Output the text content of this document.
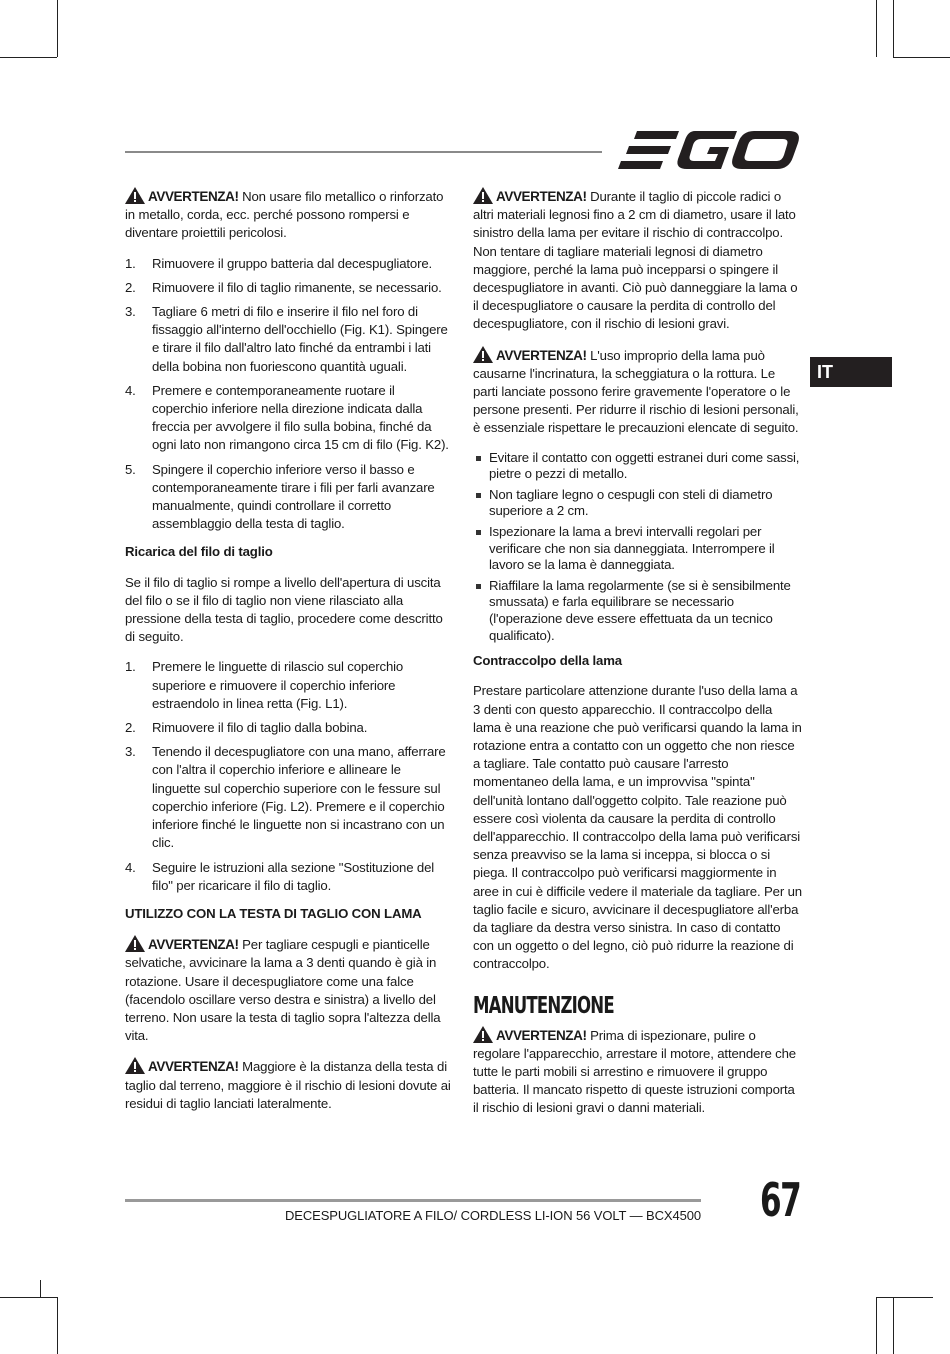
IT

AVVERTENZA! Non usare filo metallico o rinforzato in metallo, corda, ecc. perché possono rompersi e diventare proiettili pericolosi.

1. Rimuovere il gruppo batteria dal decespugliatore.
2. Rimuovere il filo di taglio rimanente, se necessario.
3. Tagliare 6 metri di filo e inserire il filo nel foro di fissaggio all'interno dell'occhiello (Fig. K1). Spingere e tirare il filo dall'altro lato finché da entrambi i lati della bobina non fuoriescono quantità uguali.
4. Premere e contemporaneamente ruotare il coperchio inferiore nella direzione indicata dalla freccia per avvolgere il filo sulla bobina, finché da ogni lato non rimangono circa 15 cm di filo (Fig. K2).
5. Spingere il coperchio inferiore verso il basso e contemporaneamente tirare i fili per farli avanzare manualmente, quindi controllare il corretto assemblaggio della testa di taglio.
Ricarica del filo di taglio

Se il filo di taglio si rompe a livello dell'apertura di uscita del filo o se il filo di taglio non viene rilasciato alla pressione della testa di taglio, procedere come descritto di seguito.

1. Premere le linguette di rilascio sul coperchio superiore e rimuovere il coperchio inferiore estraendolo in linea retta (Fig. L1).
2. Rimuovere il filo di taglio dalla bobina.
3. Tenendo il decespugliatore con una mano, afferrare con l'altra il coperchio inferiore e allineare le linguette sul coperchio superiore con le fessure sul coperchio inferiore (Fig. L2). Premere e il coperchio inferiore finché le linguette non si incastrano con un clic.
4. Seguire le istruzioni alla sezione "Sostituzione del filo" per ricaricare il filo di taglio.
UTILIZZO CON LA TESTA DI TAGLIO CON LAMA

AVVERTENZA! Per tagliare cespugli e pianticelle selvatiche, avvicinare la lama a 3 denti quando è già in rotazione. Usare il decespugliatore come una falce (facendolo oscillare verso destra e sinistra) a livello del terreno. Non usare la testa di taglio sopra l'altezza della vita.

AVVERTENZA! Maggiore è la distanza della testa di taglio dal terreno, maggiore è il rischio di lesioni dovute ai residui di taglio lanciati lateralmente.

AVVERTENZA! Durante il taglio di piccole radici o altri materiali legnosi fino a 2 cm di diametro, usare il lato sinistro della lama per evitare il rischio di contraccolpo. Non tentare di tagliare materiali legnosi di diametro maggiore, perché la lama può incepparsi o spingere il decespugliatore in avanti. Ciò può danneggiare la lama o il decespugliatore o causare la perdita di controllo del decespugliatore, con il rischio di lesioni gravi.

AVVERTENZA! L'uso improprio della lama può causarne l'incrinatura, la scheggiatura o la rottura. Le parti lanciate possono ferire gravemente l'operatore o le persone presenti. Per ridurre il rischio di lesioni personali, è essenziale rispettare le precauzioni elencate di seguito.

Evitare il contatto con oggetti estranei duri come sassi, pietre o pezzi di metallo.
Non tagliare legno o cespugli con steli di diametro superiore a 2 cm.
Ispezionare la lama a brevi intervalli regolari per verificare che non sia danneggiata. Interrompere il lavoro se la lama è danneggiata.
Riaffilare la lama regolarmente (se si è sensibilmente smussata) e farla equilibrare se necessario (l'operazione deve essere effettuata da un tecnico qualificato).
Contraccolpo della lama

Prestare particolare attenzione durante l'uso della lama a 3 denti con questo apparecchio. Il contraccolpo della lama è una reazione che può verificarsi quando la lama in rotazione entra a contatto con un oggetto che non riesce a tagliare. Tale contatto può causare l'arresto momentaneo della lama, e un improvvisa "spinta" dell'unità lontano dall'oggetto colpito. Tale reazione può essere così violenta da causare la perdita di controllo dell'apparecchio. Il contraccolpo della lama può verificarsi senza preavviso se la lama si inceppa, si blocca o si piega. Il contraccolpo può verificarsi maggiormente in aree in cui è difficile vedere il materiale da tagliare. Per un taglio facile e sicuro, avvicinare il decespugliatore all'erba da tagliare da destra verso sinistra. In caso di contatto con un oggetto o del legno, ciò può ridurre la reazione di contraccolpo.

MANUTENZIONE

AVVERTENZA! Prima di ispezionare, pulire o regolare l'apparecchio, arrestare il motore, attendere che tutte le parti mobili si arrestino e rimuovere il gruppo batteria. Il mancato rispetto di queste istruzioni comporta il rischio di lesioni gravi o danni materiali.

DECESPUGLIATORE A FILO/ CORDLESS LI-ION 56 VOLT — BCX4500 67
